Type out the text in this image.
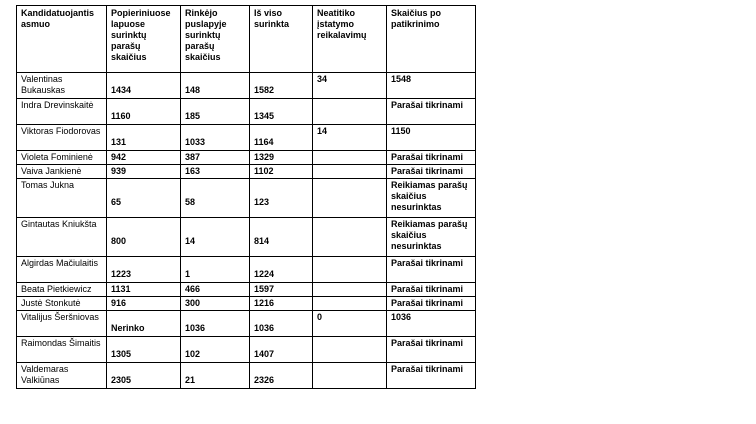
Kandidatuojantis asmuo	Popieriniuose lapuose surinktų parašų skaičius	Rinkėjo puslapyje surinktų parašų skaičius	Iš viso surinkta	Neatitiko įstatymo reikalavimų	Skaičius po patikrinimo
Valentinas Bukauskas	1434	148	1582	34	1548
Indra Drevinskaitė	1160	185	1345		Parašai tikrinami
Viktoras Fiodorovas	131	1033	1164	14	1150
Violeta Fominienė	942	387	1329		Parašai tikrinami
Vaiva Jankienė	939	163	1102		Parašai tikrinami
Tomas Jukna	65	58	123		Reikiamas parašų skaičius nesurinktas
Gintautas Kniukšta	800	14	814		Reikiamas parašų skaičius nesurinktas
Algirdas Mačiulaitis	1223	1	1224		Parašai tikrinami
Beata Pietkiewicz	1131	466	1597		Parašai tikrinami
Justė Stonkutė	916	300	1216		Parašai tikrinami
Vitalijus Šeršniovas	Nerinko	1036	1036	0	1036
Raimondas Šimaitis	1305	102	1407		Parašai tikrinami
Valdemaras Valkiūnas	2305	21	2326		Parašai tikrinami
